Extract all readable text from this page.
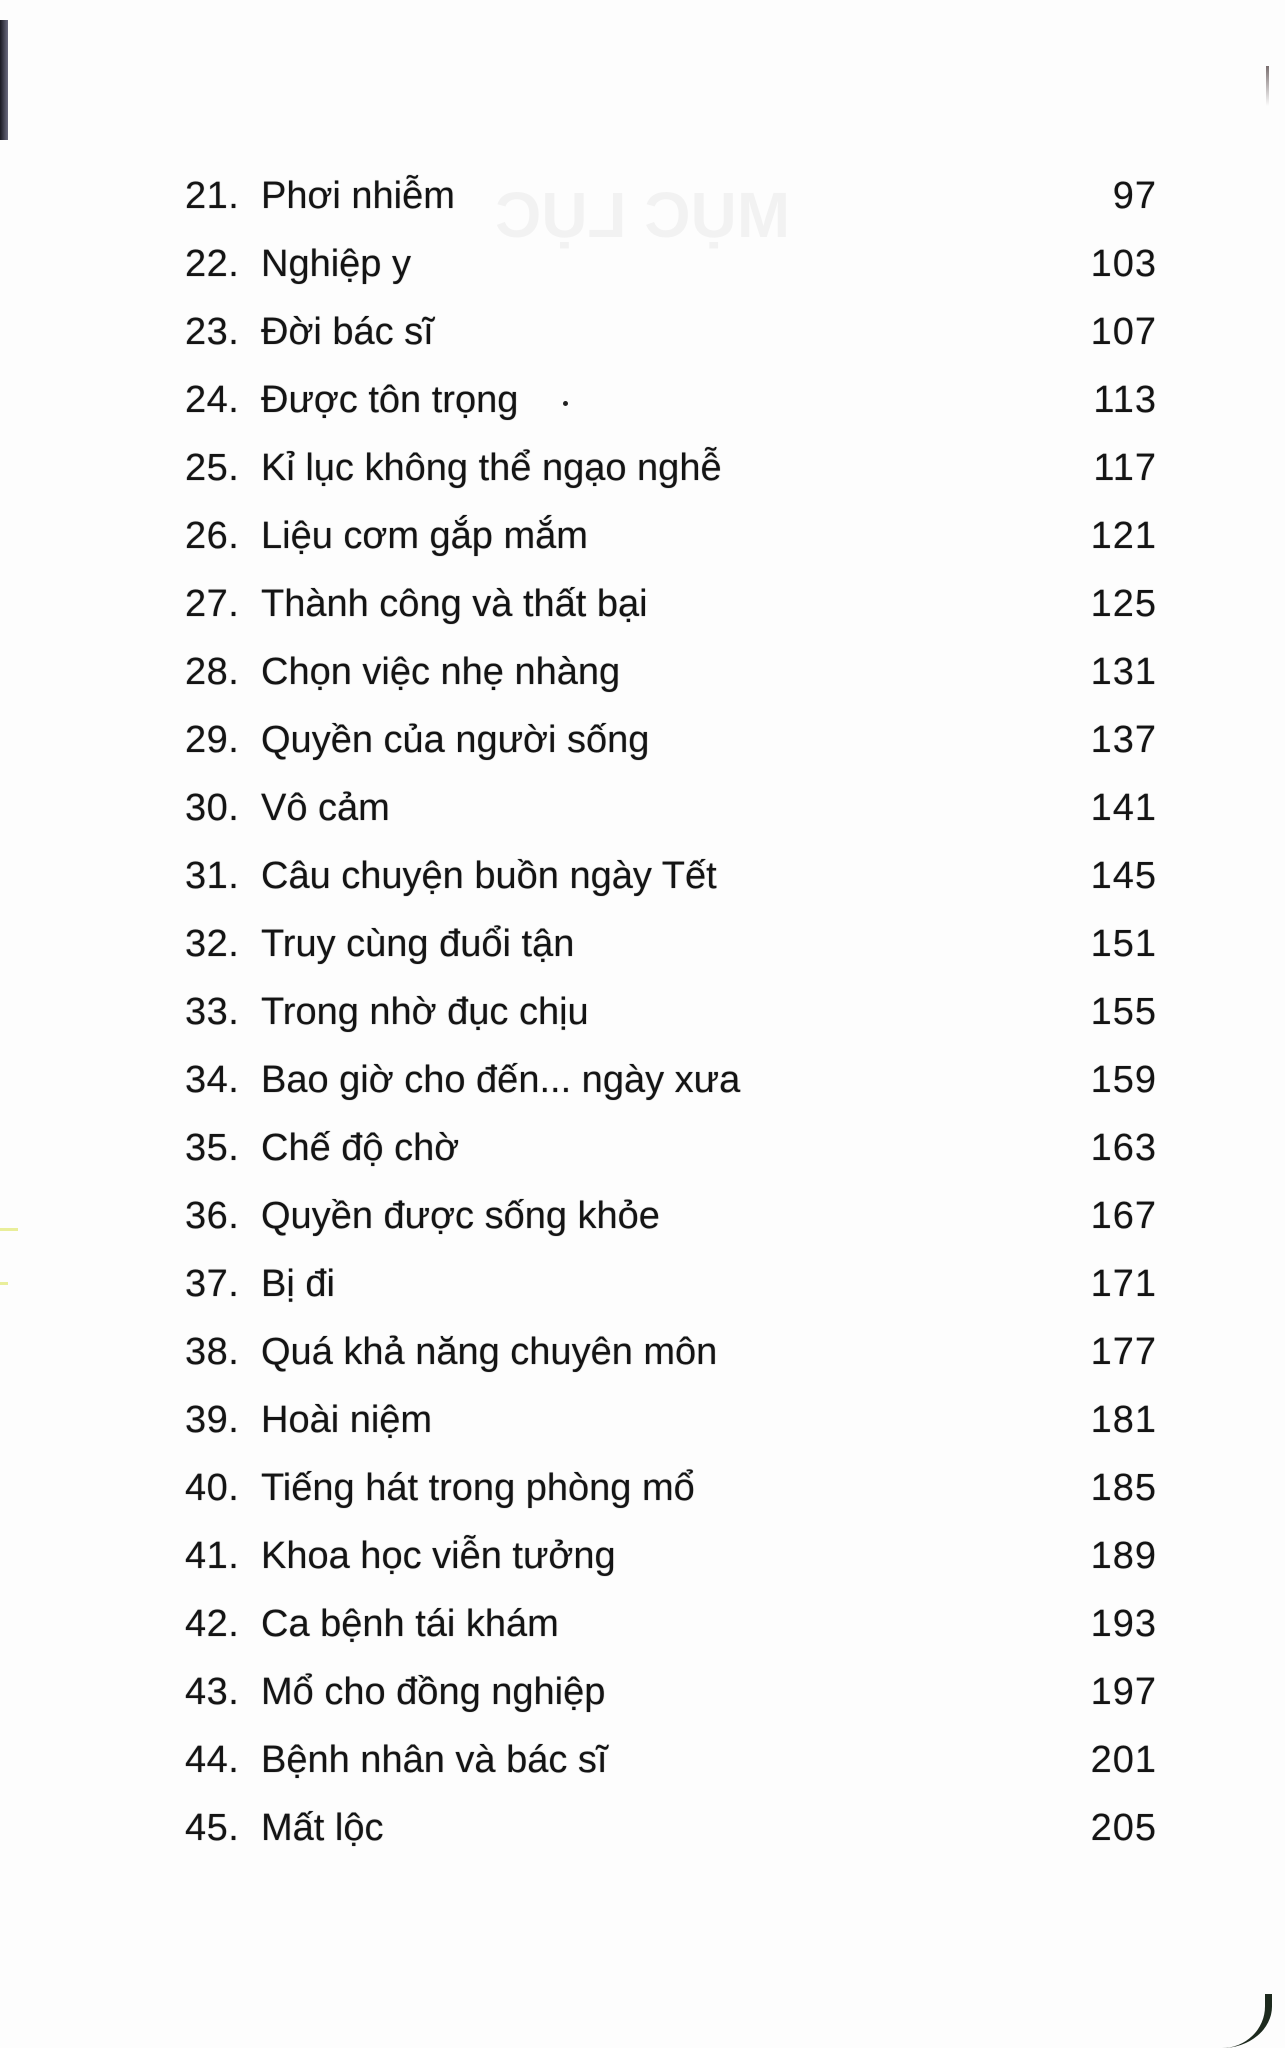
21. Phơi nhiễm	97
22. Nghiệp y	103
23. Đời bác sĩ	107
24. Được tôn trọng	113
25. Kỉ lục không thể ngạo nghễ	117
26. Liệu cơm gắp mắm	121
27. Thành công và thất bại	125
28. Chọn việc nhẹ nhàng	131
29. Quyền của người sống	137
30. Vô cảm	141
31. Câu chuyện buồn ngày Tết	145
32. Truy cùng đuổi tận	151
33. Trong nhờ đục chịu	155
34. Bao giờ cho đến... ngày xưa	159
35. Chế độ chờ	163
36. Quyền được sống khỏe	167
37. Bị đi	171
38. Quá khả năng chuyên môn	177
39. Hoài niệm	181
40. Tiếng hát trong phòng mổ	185
41. Khoa học viễn tưởng	189
42. Ca bệnh tái khám	193
43. Mổ cho đồng nghiệp	197
44. Bệnh nhân và bác sĩ	201
45. Mất lộc	205
